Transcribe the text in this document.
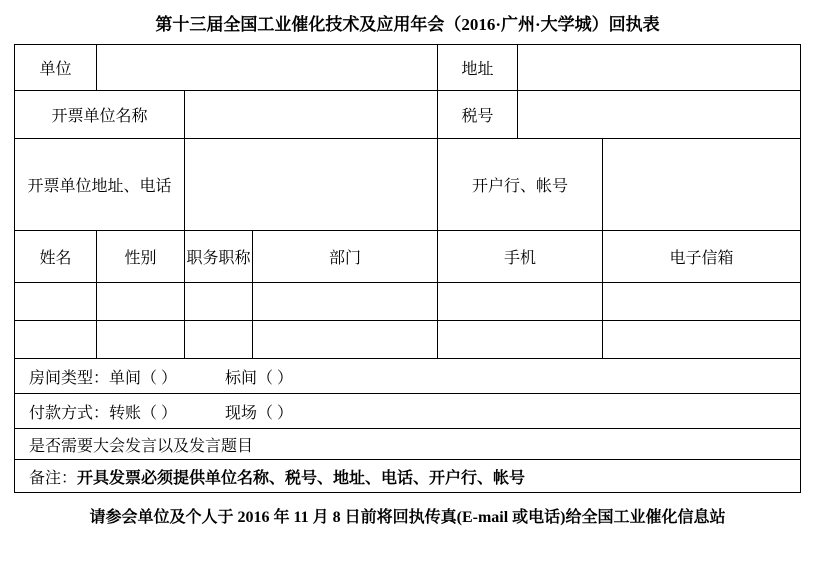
第十三届全国工业催化技术及应用年会（2016·广州·大学城）回执表
单位				地址		
开票单位名称				税号		
开票单位地址、电话				开户行、帐号		
姓名	性别	职务职称	部门	手机		电子信箱

房间类型：单间（ ） 标间（ ）						
付款方式：转账（ ） 现场（ ）						
是否需要大会发言以及发言题目						
备注：开具发票必须提供单位名称、税号、地址、电话、开户行、帐号						
请参会单位及个人于 2016 年 11 月 8 日前将回执传真(E-mail 或电话)给全国工业催化信息站
